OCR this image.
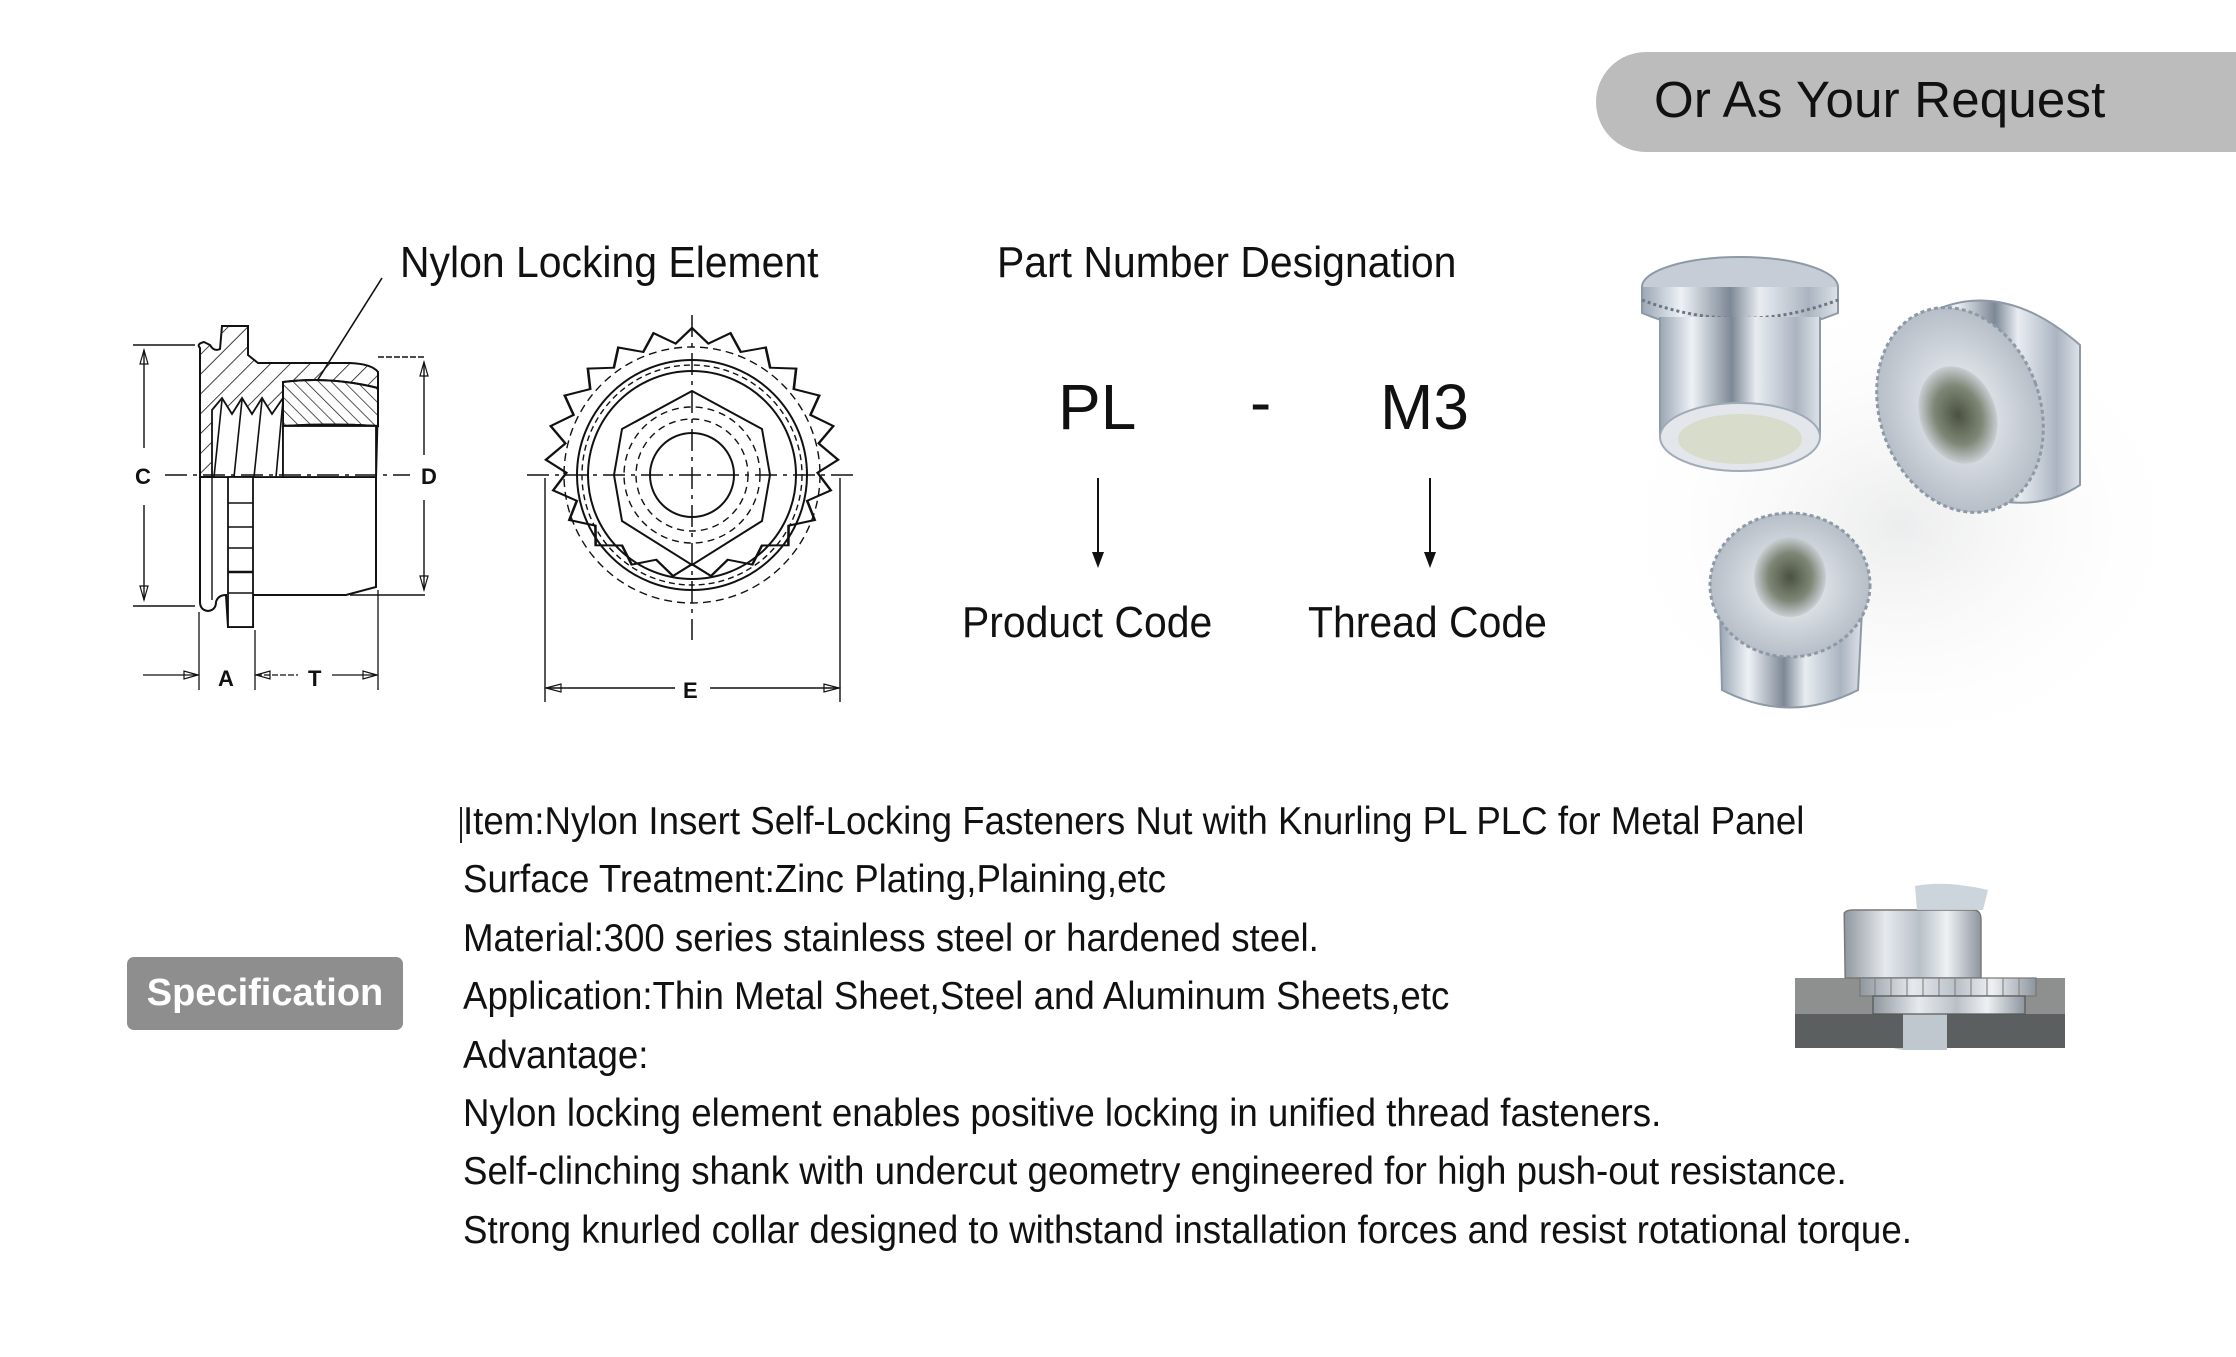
Or As Your Request
Nylon Locking Element
C	D
A	T	E
Part Number Designation
PL - M3
Product Code Thread Code
Specification
Item:Nylon Insert Self-Locking Fasteners Nut with Knurling PL PLC for Metal Panel
Surface Treatment:Zinc Plating,Plaining,etc
Material:300 series stainless steel or hardened steel.
Application:Thin Metal Sheet,Steel and Aluminum Sheets,etc
Advantage:
Nylon locking element enables positive locking in unified thread fasteners.
Self-clinching shank with undercut geometry engineered for high push-out resistance.
Strong knurled collar designed to withstand installation forces and resist rotational torque.
